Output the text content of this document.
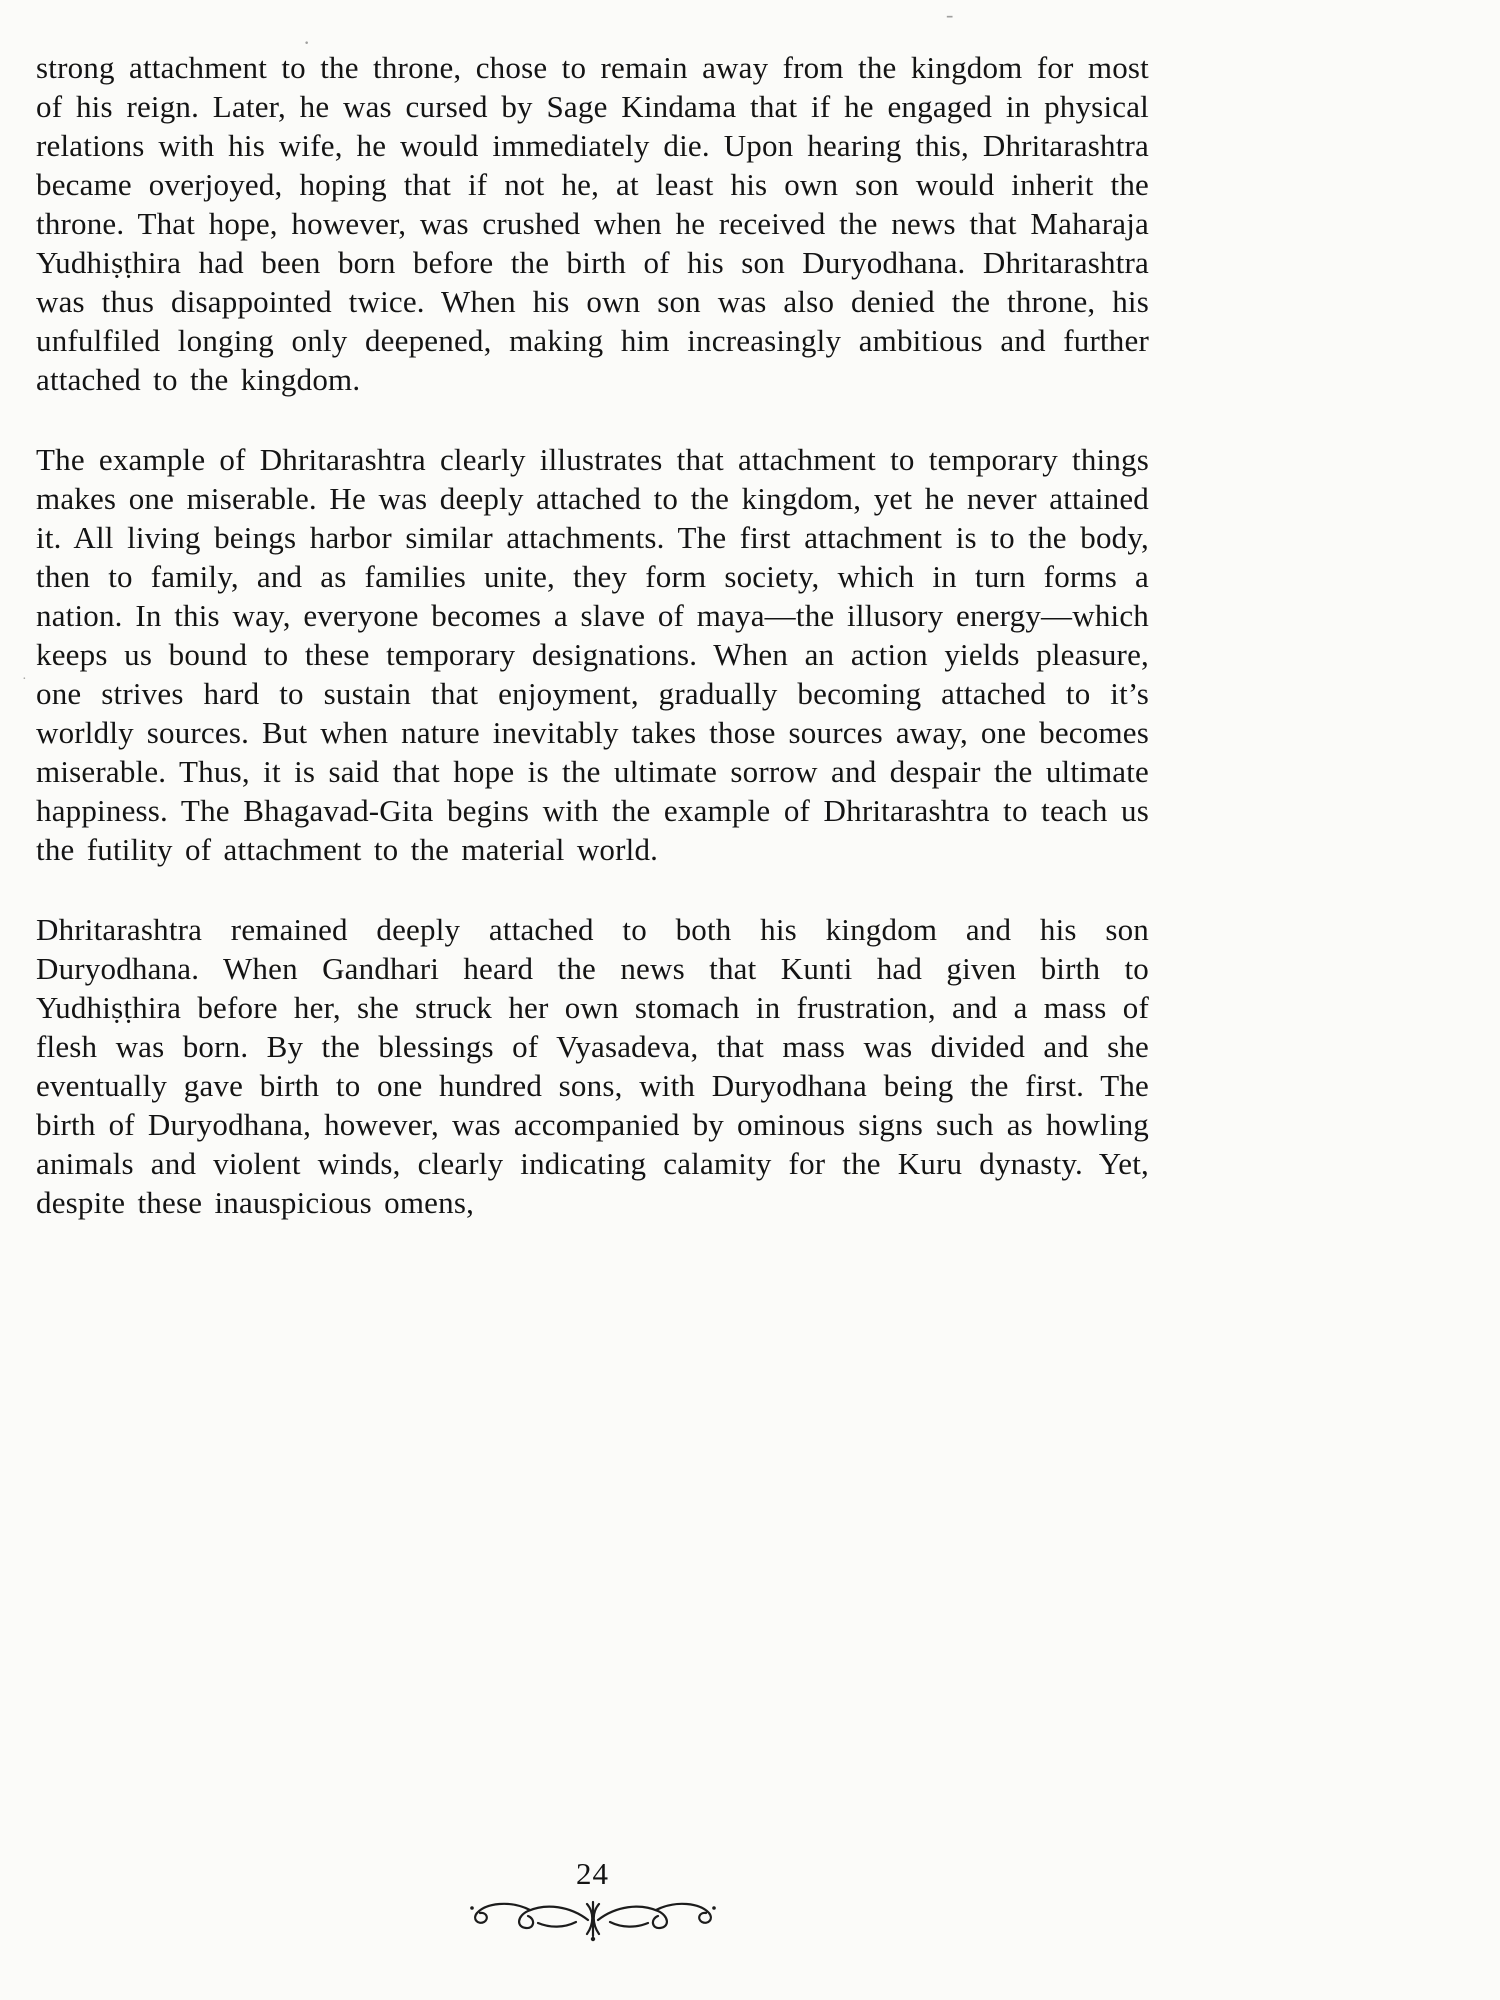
-
·
·

strong attachment to the throne, chose to remain away from the kingdom for most of his reign. Later, he was cursed by Sage Kindama that if he engaged in physical relations with his wife, he would immediately die. Upon hearing this, Dhritarashtra became overjoyed, hoping that if not he, at least his own son would inherit the throne. That hope, however, was crushed when he received the news that Maharaja Yudhiṣṭhira had been born before the birth of his son Duryodhana. Dhritarashtra was thus disappointed twice. When his own son was also denied the throne, his unfulfiled longing only deepened, making him increasingly ambitious and further attached to the kingdom.

The example of Dhritarashtra clearly illustrates that attachment to temporary things makes one miserable. He was deeply attached to the kingdom, yet he never attained it. All living beings harbor similar attachments. The first attachment is to the body, then to family, and as families unite, they form society, which in turn forms a nation. In this way, everyone becomes a slave of maya—the illusory energy—which keeps us bound to these temporary designations. When an action yields pleasure, one strives hard to sustain that enjoyment, gradually becoming attached to it’s worldly sources. But when nature inevitably takes those sources away, one becomes miserable. Thus, it is said that hope is the ultimate sorrow and despair the ultimate happiness. The Bhagavad-Gita begins with the example of Dhritarashtra to teach us the futility of attachment to the material world.

Dhritarashtra remained deeply attached to both his kingdom and his son Duryodhana. When Gandhari heard the news that Kunti had given birth to Yudhiṣṭhira before her, she struck her own stomach in frustration, and a mass of flesh was born. By the blessings of Vyasadeva, that mass was divided and she eventually gave birth to one hundred sons, with Duryodhana being the first. The birth of Duryodhana, however, was accompanied by ominous signs such as howling animals and violent winds, clearly indicating calamity for the Kuru dynasty. Yet, despite these inauspicious omens,

24
